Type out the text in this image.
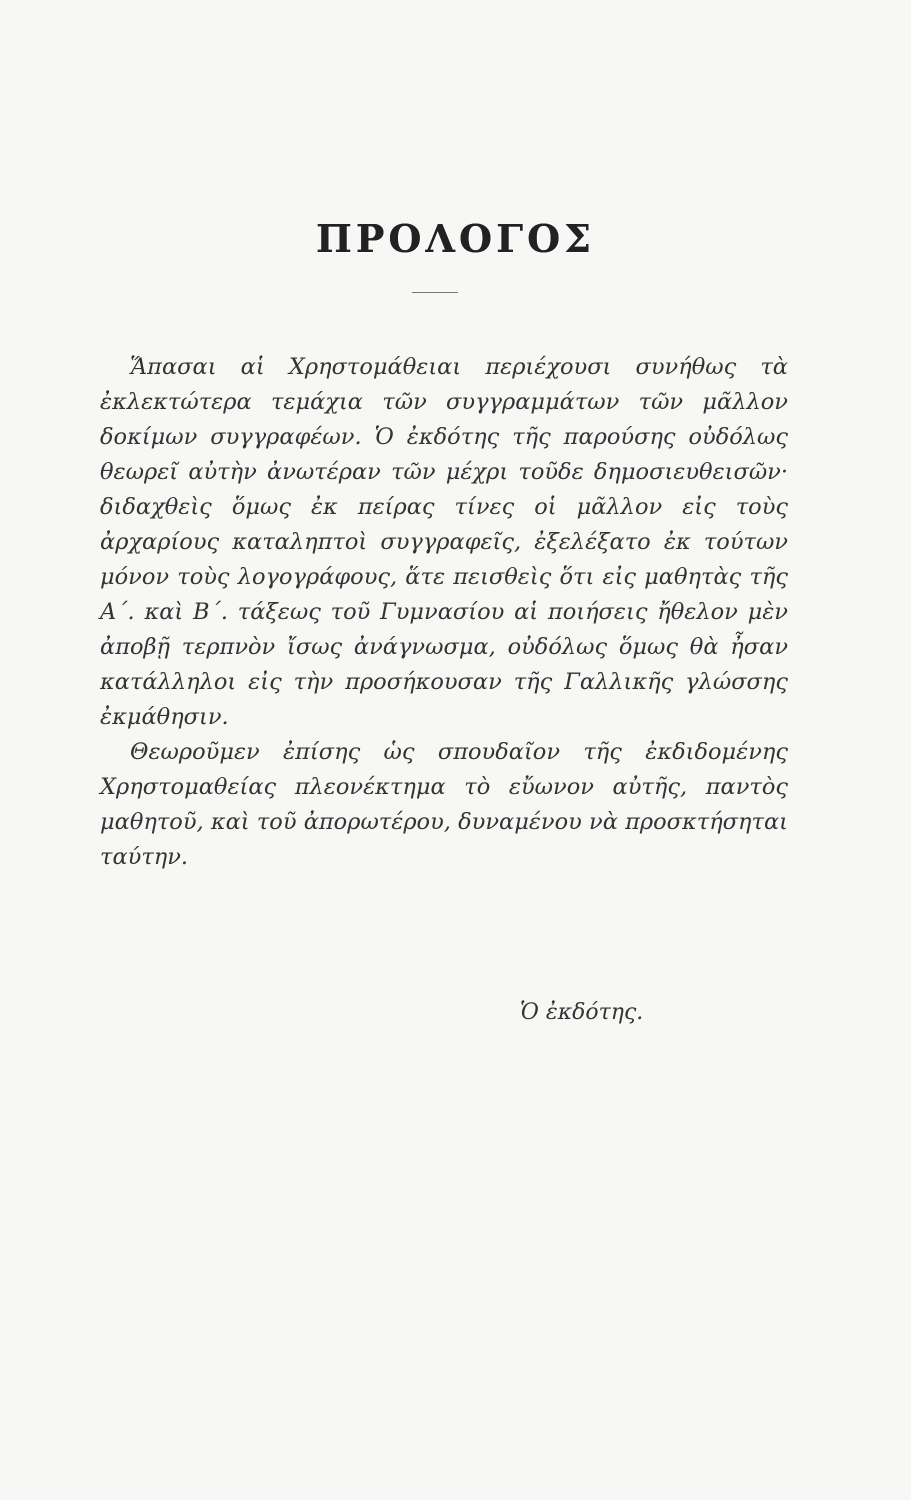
ΠΡΟΛΟΓΟΣ

Ἅπασαι αἱ Χρηστομάθειαι περιέχουσι συνήθως τὰ ἐκλεκτώτερα τεμάχια τῶν συγγραμμάτων τῶν μᾶλλον δοκίμων συγγραφέων. Ὁ ἐκδότης τῆς παρούσης οὐδόλως θεωρεῖ αὐτὴν ἀνωτέραν τῶν μέχρι τοῦδε δημοσιευθεισῶν· διδαχθεὶς ὅμως ἐκ πείρας τίνες οἱ μᾶλλον εἰς τοὺς ἀρχαρίους καταληπτοὶ συγγραφεῖς, ἐξελέξατο ἐκ τούτων μόνον τοὺς λογογράφους, ἅτε πεισθεὶς ὅτι εἰς μαθητὰς τῆς Α΄. καὶ Β΄. τάξεως τοῦ Γυμνασίου αἱ ποιήσεις ἤθελον μὲν ἀποβῇ τερπνὸν ἴσως ἀνάγνωσμα, οὐδόλως ὅμως θὰ ἦσαν κατάλληλοι εἰς τὴν προσήκουσαν τῆς Γαλλικῆς γλώσσης ἐκμάθησιν.

Θεωροῦμεν ἐπίσης ὡς σπουδαῖον τῆς ἐκδιδομένης Χρηστομαθείας πλεονέκτημα τὸ εὔωνον αὐτῆς, παντὸς μαθητοῦ, καὶ τοῦ ἀπορωτέρου, δυναμένου νὰ προσκτήσηται ταύτην.

Ὁ ἐκδότης.
